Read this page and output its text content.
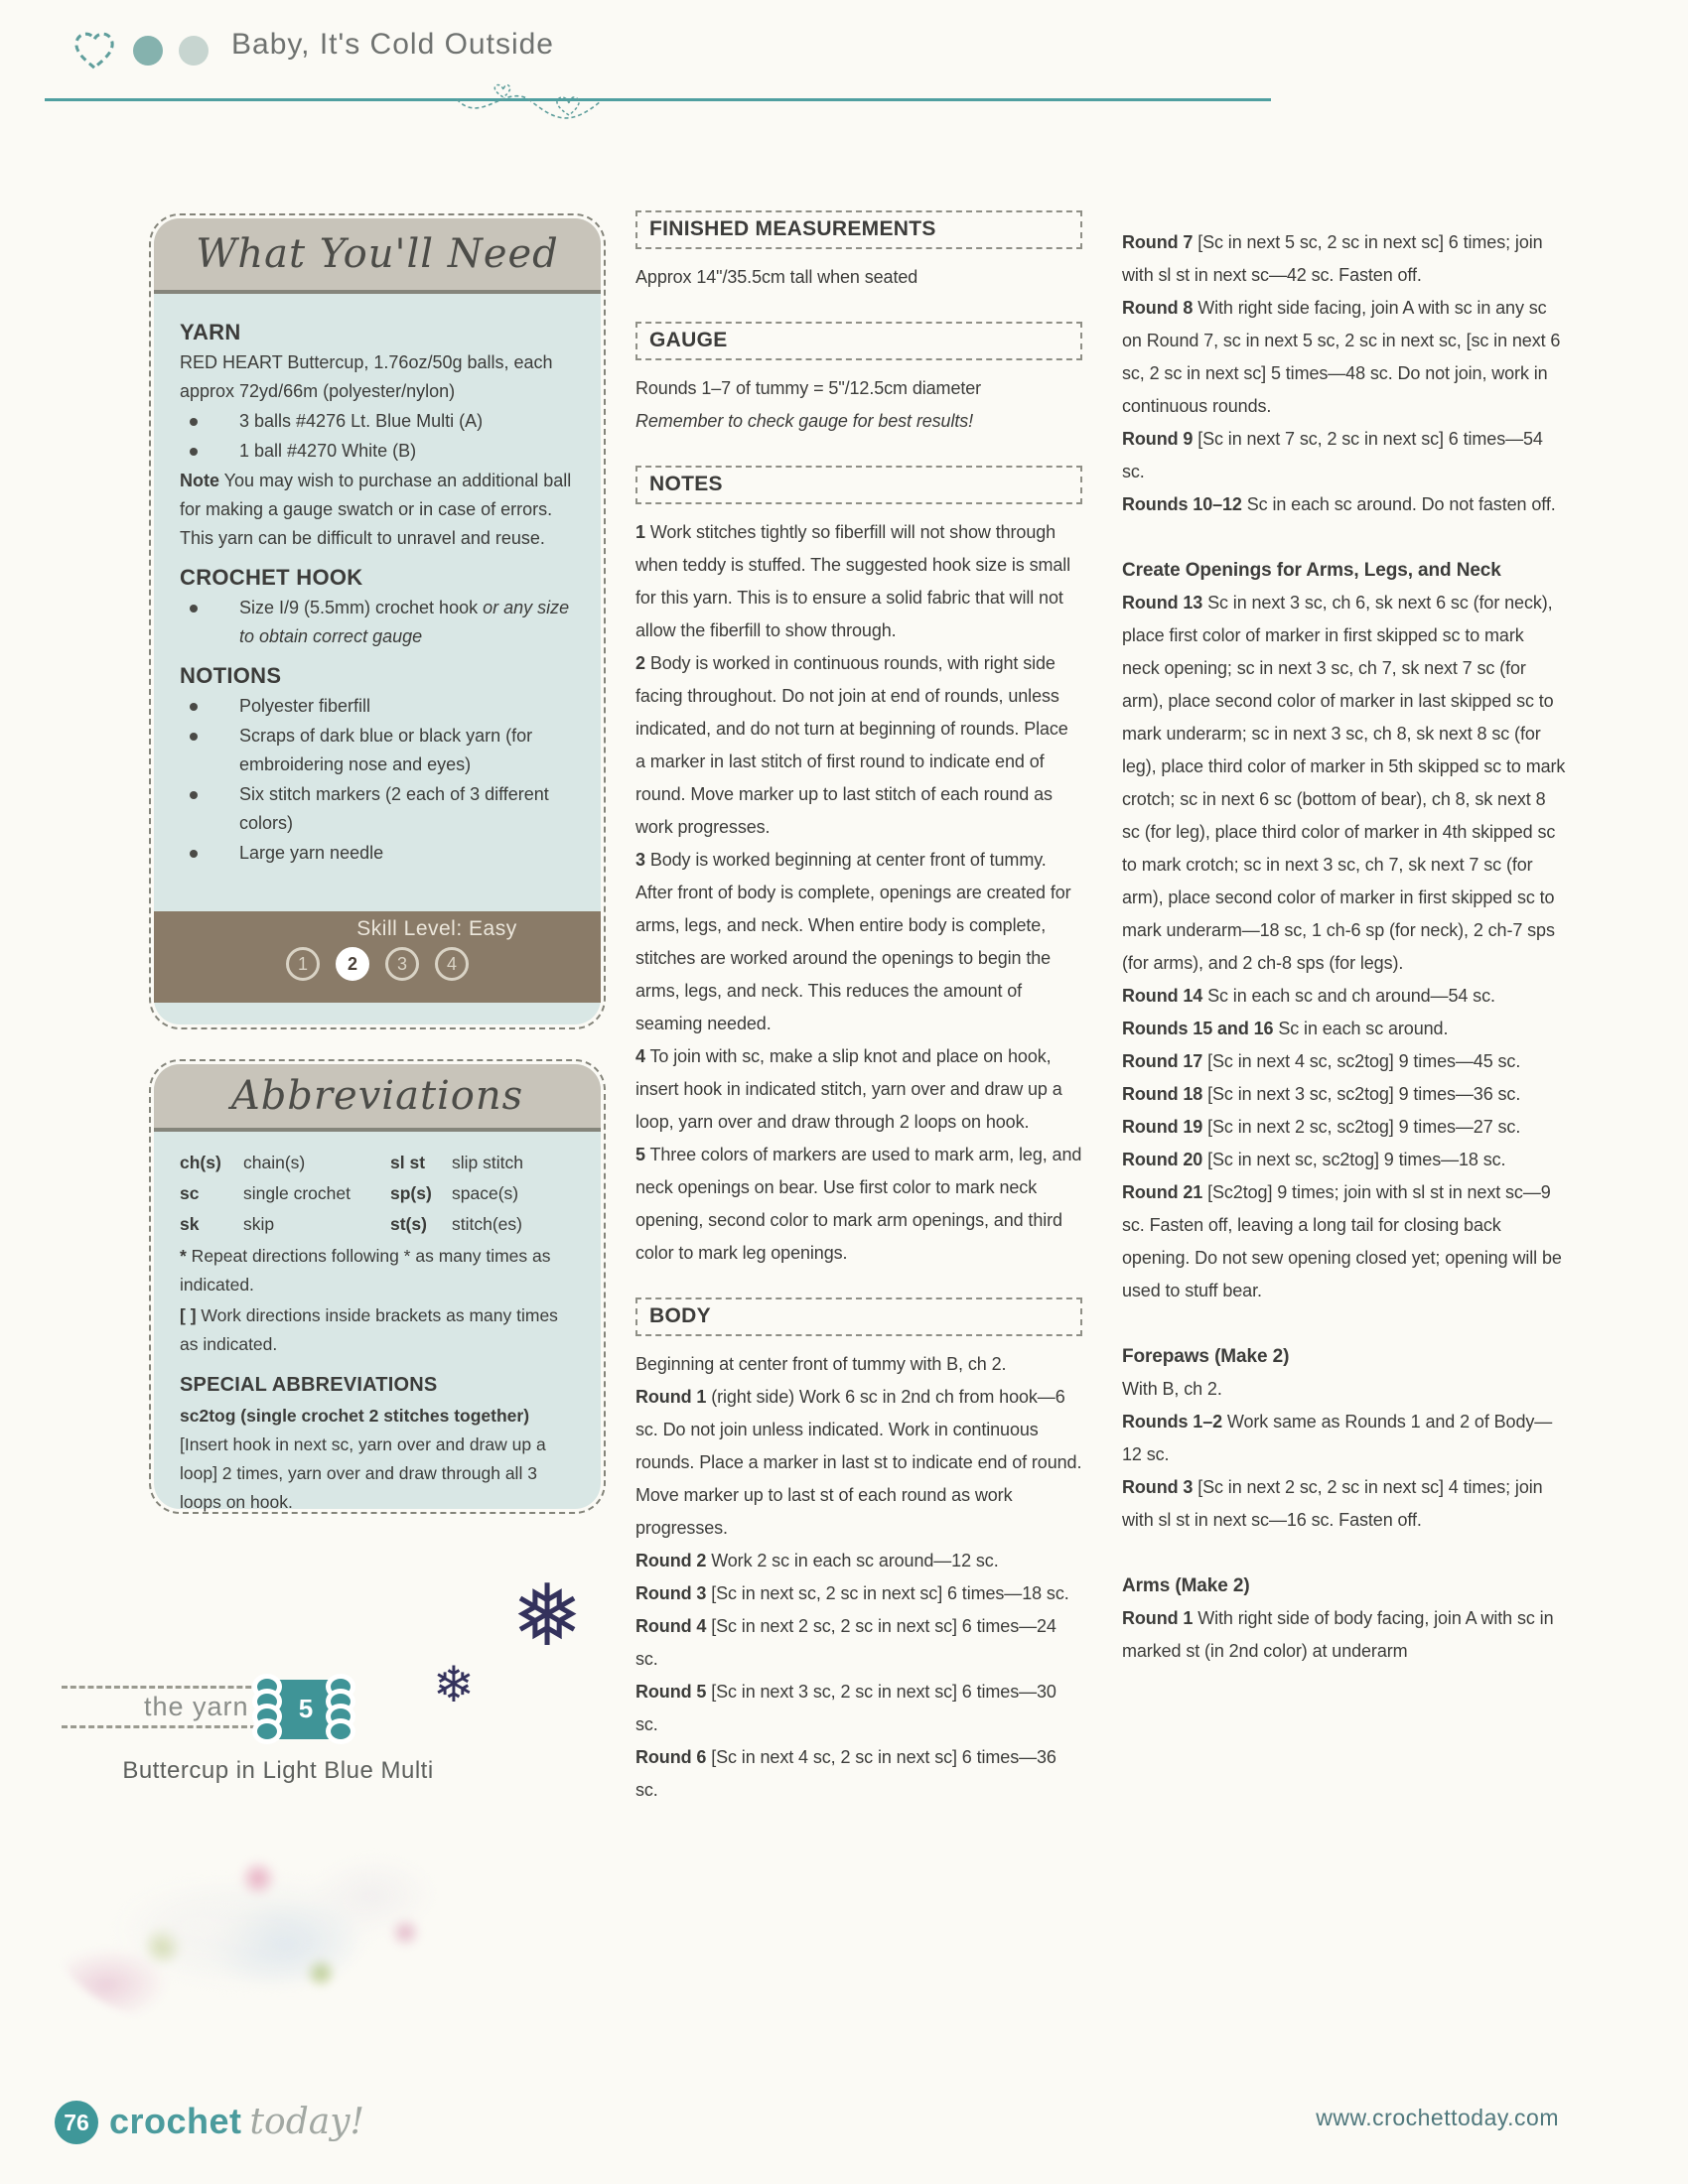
Baby, It's Cold Outside
What You'll Need
YARN
RED HEART Buttercup, 1.76oz/50g balls, each approx 72yd/66m (polyester/nylon)
3 balls #4276 Lt. Blue Multi (A)
1 ball #4270 White (B)
Note You may wish to purchase an additional ball for making a gauge swatch or in case of errors. This yarn can be difficult to unravel and reuse.
CROCHET HOOK
Size I/9 (5.5mm) crochet hook or any size to obtain correct gauge
NOTIONS
Polyester fiberfill
Scraps of dark blue or black yarn (for embroidering nose and eyes)
Six stitch markers (2 each of 3 different colors)
Large yarn needle
Skill Level: Easy
1	2	3	4
Abbreviations
ch(s)	chain(s)	sl st	slip stitch
sc	single crochet	sp(s)	space(s)
sk	skip	st(s)	stitch(es)
* Repeat directions following * as many times as indicated.
[ ] Work directions inside brackets as many times as indicated.
SPECIAL ABBREVIATIONS
sc2tog (single crochet 2 stitches together) [Insert hook in next sc, yarn over and draw up a loop] 2 times, yarn over and draw through all 3 loops on hook.
❅
❄
the yarn	5
Buttercup in Light Blue Multi
FINISHED MEASUREMENTS

Approx 14"/35.5cm tall when seated

GAUGE

Rounds 1–7 of tummy = 5"/12.5cm diameter

Remember to check gauge for best results!

NOTES

1 Work stitches tightly so fiberfill will not show through when teddy is stuffed. The suggested hook size is small for this yarn. This is to ensure a solid fabric that will not allow the fiberfill to show through.

2 Body is worked in continuous rounds, with right side facing throughout. Do not join at end of rounds, unless indicated, and do not turn at beginning of rounds. Place a marker in last stitch of first round to indicate end of round. Move marker up to last stitch of each round as work progresses.

3 Body is worked beginning at center front of tummy. After front of body is complete, openings are created for arms, legs, and neck. When entire body is complete, stitches are worked around the openings to begin the arms, legs, and neck. This reduces the amount of seaming needed.

4 To join with sc, make a slip knot and place on hook, insert hook in indicated stitch, yarn over and draw up a loop, yarn over and draw through 2 loops on hook.

5 Three colors of markers are used to mark arm, leg, and neck openings on bear. Use first color to mark neck opening, second color to mark arm openings, and third color to mark leg openings.

BODY

Beginning at center front of tummy with B, ch 2.

Round 1 (right side) Work 6 sc in 2nd ch from hook—6 sc. Do not join unless indicated. Work in continuous rounds. Place a marker in last st to indicate end of round. Move marker up to last st of each round as work progresses.

Round 2 Work 2 sc in each sc around—12 sc.

Round 3 [Sc in next sc, 2 sc in next sc] 6 times—18 sc.

Round 4 [Sc in next 2 sc, 2 sc in next sc] 6 times—24 sc.

Round 5 [Sc in next 3 sc, 2 sc in next sc] 6 times—30 sc.

Round 6 [Sc in next 4 sc, 2 sc in next sc] 6 times—36 sc.

Round 7 [Sc in next 5 sc, 2 sc in next sc] 6 times; join with sl st in next sc—42 sc. Fasten off.

Round 8 With right side facing, join A with sc in any sc on Round 7, sc in next 5 sc, 2 sc in next sc, [sc in next 6 sc, 2 sc in next sc] 5 times—48 sc. Do not join, work in continuous rounds.

Round 9 [Sc in next 7 sc, 2 sc in next sc] 6 times—54 sc.

Rounds 10–12 Sc in each sc around. Do not fasten off.

Create Openings for Arms, Legs, and Neck

Round 13 Sc in next 3 sc, ch 6, sk next 6 sc (for neck), place first color of marker in first skipped sc to mark neck opening; sc in next 3 sc, ch 7, sk next 7 sc (for arm), place second color of marker in last skipped sc to mark underarm; sc in next 3 sc, ch 8, sk next 8 sc (for leg), place third color of marker in 5th skipped sc to mark crotch; sc in next 6 sc (bottom of bear), ch 8, sk next 8 sc (for leg), place third color of marker in 4th skipped sc to mark crotch; sc in next 3 sc, ch 7, sk next 7 sc (for arm), place second color of marker in first skipped sc to mark underarm—18 sc, 1 ch-6 sp (for neck), 2 ch-7 sps (for arms), and 2 ch-8 sps (for legs).

Round 14 Sc in each sc and ch around—54 sc.

Rounds 15 and 16 Sc in each sc around.

Round 17 [Sc in next 4 sc, sc2tog] 9 times—45 sc.

Round 18 [Sc in next 3 sc, sc2tog] 9 times—36 sc.

Round 19 [Sc in next 2 sc, sc2tog] 9 times—27 sc.

Round 20 [Sc in next sc, sc2tog] 9 times—18 sc.

Round 21 [Sc2tog] 9 times; join with sl st in next sc—9 sc. Fasten off, leaving a long tail for closing back opening. Do not sew opening closed yet; opening will be used to stuff bear.

Forepaws (Make 2)

With B, ch 2.

Rounds 1–2 Work same as Rounds 1 and 2 of Body—12 sc.

Round 3 [Sc in next 2 sc, 2 sc in next sc] 4 times; join with sl st in next sc—16 sc. Fasten off.

Arms (Make 2)

Round 1 With right side of body facing, join A with sc in marked st (in 2nd color) at underarm

76 crochet today!	www.crochettoday.com
